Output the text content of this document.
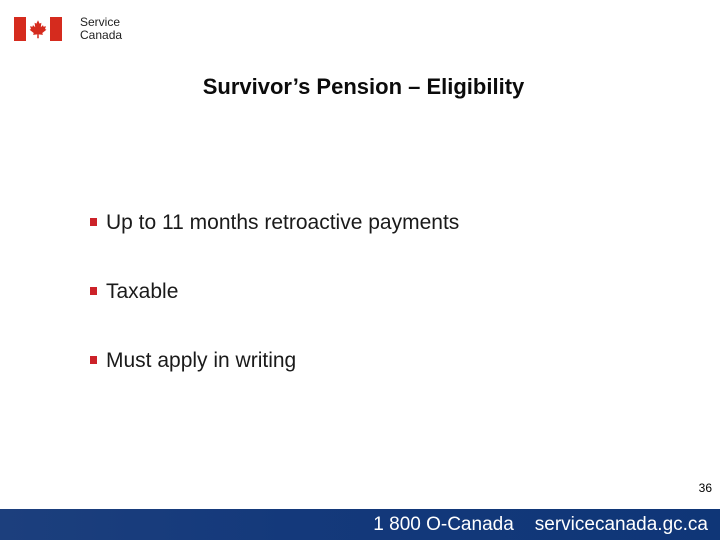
Service
Canada
Survivor’s Pension – Eligibility
Up to 11 months retroactive payments
Taxable
Must apply in writing
36
1 800 O-Canada servicecanada.gc.ca
